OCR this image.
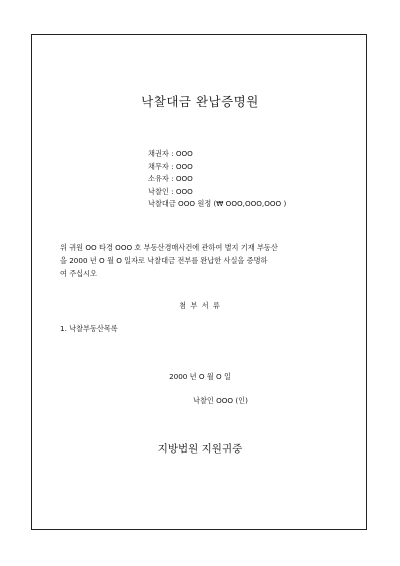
낙찰대금 완납증명원
채권자 : OOO
채무자 : OOO
소유자 : OOO
낙찰인 : OOO
낙찰대금 OOO 원정 (₩ OOO,OOO,OOO )
위 귀원 OO 타경 OOO 호 부동산경매사건에 관하여 별지 기재 부동산
을 2000 년 O 월 O 일자로 낙찰대금 전부를 완납한 사실을 증명하
여 주십시오
첨 부 서 류
1. 낙찰부동산목록
2000 년 O 월 O 일
낙찰인 OOO (인)
지방법원 지원귀중
